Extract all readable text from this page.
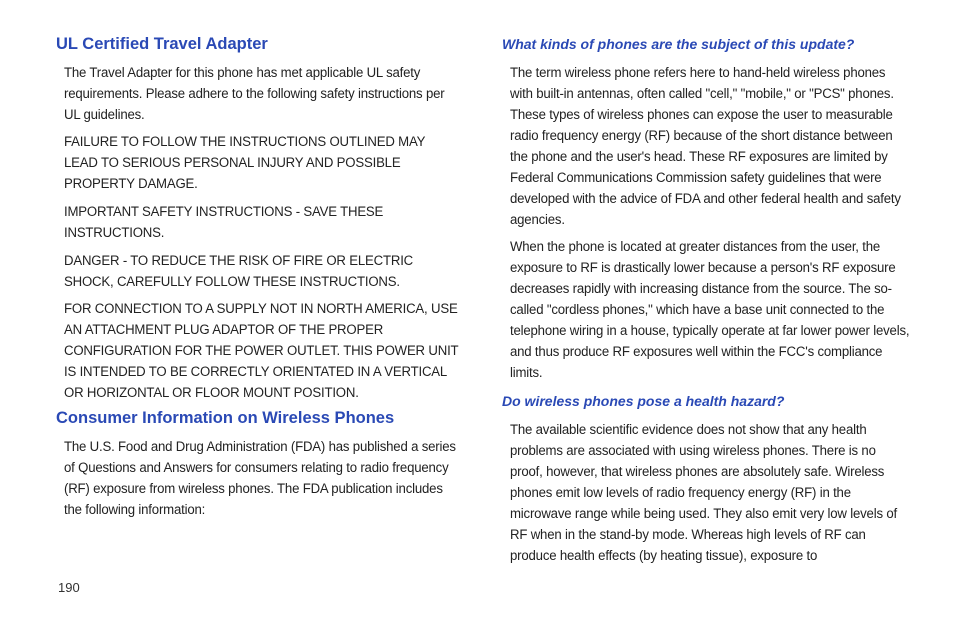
UL Certified Travel Adapter

The Travel Adapter for this phone has met applicable UL safety requirements. Please adhere to the following safety instructions per UL guidelines.

FAILURE TO FOLLOW THE INSTRUCTIONS OUTLINED MAY LEAD TO SERIOUS PERSONAL INJURY AND POSSIBLE PROPERTY DAMAGE.

IMPORTANT SAFETY INSTRUCTIONS - SAVE THESE INSTRUCTIONS.

DANGER - TO REDUCE THE RISK OF FIRE OR ELECTRIC SHOCK, CAREFULLY FOLLOW THESE INSTRUCTIONS.

FOR CONNECTION TO A SUPPLY NOT IN NORTH AMERICA, USE AN ATTACHMENT PLUG ADAPTOR OF THE PROPER CONFIGURATION FOR THE POWER OUTLET. THIS POWER UNIT IS INTENDED TO BE CORRECTLY ORIENTATED IN A VERTICAL OR HORIZONTAL OR FLOOR MOUNT POSITION.

Consumer Information on Wireless Phones

The U.S. Food and Drug Administration (FDA) has published a series of Questions and Answers for consumers relating to radio frequency (RF) exposure from wireless phones. The FDA publication includes the following information:

What kinds of phones are the subject of this update?

The term wireless phone refers here to hand-held wireless phones with built-in antennas, often called "cell," "mobile," or "PCS" phones. These types of wireless phones can expose the user to measurable radio frequency energy (RF) because of the short distance between the phone and the user's head. These RF exposures are limited by Federal Communications Commission safety guidelines that were developed with the advice of FDA and other federal health and safety agencies.

When the phone is located at greater distances from the user, the exposure to RF is drastically lower because a person's RF exposure decreases rapidly with increasing distance from the source. The so-called "cordless phones," which have a base unit connected to the telephone wiring in a house, typically operate at far lower power levels, and thus produce RF exposures well within the FCC's compliance limits.

Do wireless phones pose a health hazard?

The available scientific evidence does not show that any health problems are associated with using wireless phones. There is no proof, however, that wireless phones are absolutely safe. Wireless phones emit low levels of radio frequency energy (RF) in the microwave range while being used. They also emit very low levels of RF when in the stand-by mode. Whereas high levels of RF can produce health effects (by heating tissue), exposure to

190
